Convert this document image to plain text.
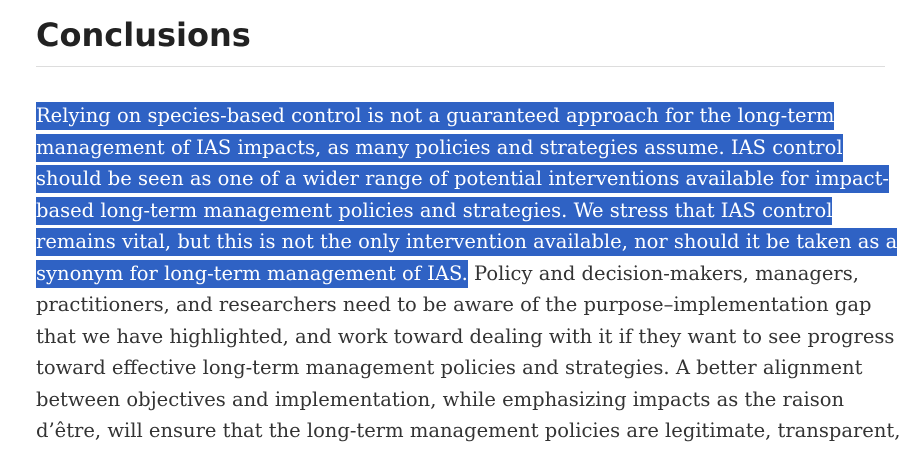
Conclusions

Relying on species-based control is not a guaranteed approach for the long-term
management of IAS impacts, as many policies and strategies assume. IAS control
should be seen as one of a wider range of potential interventions available for impact-
based long-term management policies and strategies. We stress that IAS control
remains vital, but this is not the only intervention available, nor should it be taken as a
synonym for long-term management of IAS. Policy and decision-makers, managers,
practitioners, and researchers need to be aware of the purpose–implementation gap
that we have highlighted, and work toward dealing with it if they want to see progress
toward effective long-term management policies and strategies. A better alignment
between objectives and implementation, while emphasizing impacts as the raison
d’être, will ensure that the long-term management policies are legitimate, transparent,
